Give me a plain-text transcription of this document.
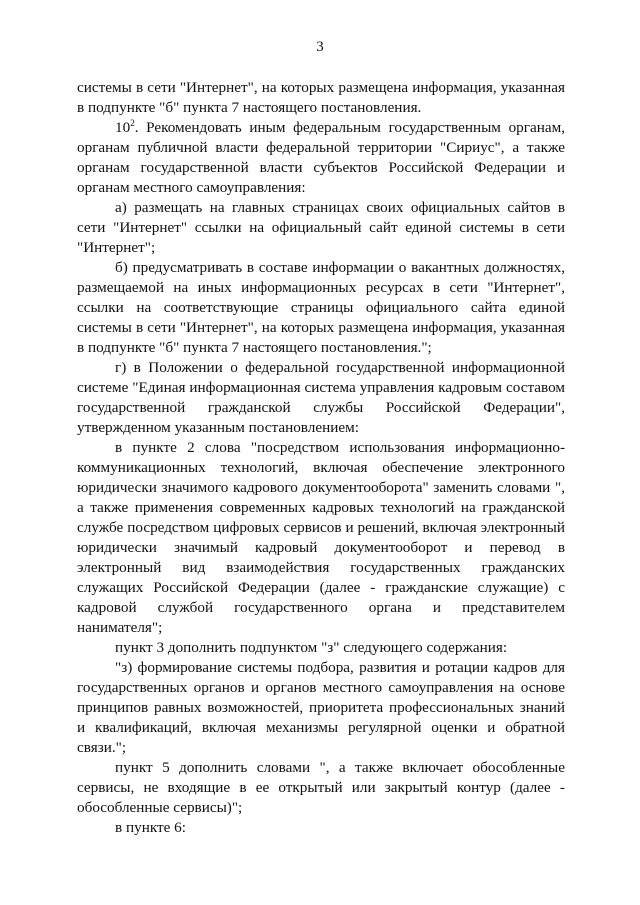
3

системы в сети "Интернет", на которых размещена информация, указанная в подпункте "б" пункта 7 настоящего постановления.

$10^2$. Рекомендовать иным федеральным государственным органам, органам публичной власти федеральной территории "Сириус", а также органам государственной власти субъектов Российской Федерации и органам местного самоуправления:

а) размещать на главных страницах своих официальных сайтов в сети "Интернет" ссылки на официальный сайт единой системы в сети "Интернет";

б) предусматривать в составе информации о вакантных должностях, размещаемой на иных информационных ресурсах в сети "Интернет", ссылки на соответствующие страницы официального сайта единой системы в сети "Интернет", на которых размещена информация, указанная в подпункте "б" пункта 7 настоящего постановления.";

г) в Положении о федеральной государственной информационной системе "Единая информационная система управления кадровым составом государственной гражданской службы Российской Федерации", утвержденном указанным постановлением:

в пункте 2 слова "посредством использования информационно-коммуникационных технологий, включая обеспечение электронного юридически значимого кадрового документооборота" заменить словами ", а также применения современных кадровых технологий на гражданской службе посредством цифровых сервисов и решений, включая электронный юридически значимый кадровый документооборот и перевод в электронный вид взаимодействия государственных гражданских служащих Российской Федерации (далее - гражданские служащие) с кадровой службой государственного органа и представителем нанимателя";

пункт 3 дополнить подпунктом "з" следующего содержания:

"з) формирование системы подбора, развития и ротации кадров для государственных органов и органов местного самоуправления на основе принципов равных возможностей, приоритета профессиональных знаний и квалификаций, включая механизмы регулярной оценки и обратной связи.";

пункт 5 дополнить словами ", а также включает обособленные сервисы, не входящие в ее открытый или закрытый контур (далее - обособленные сервисы)";

в пункте 6:
